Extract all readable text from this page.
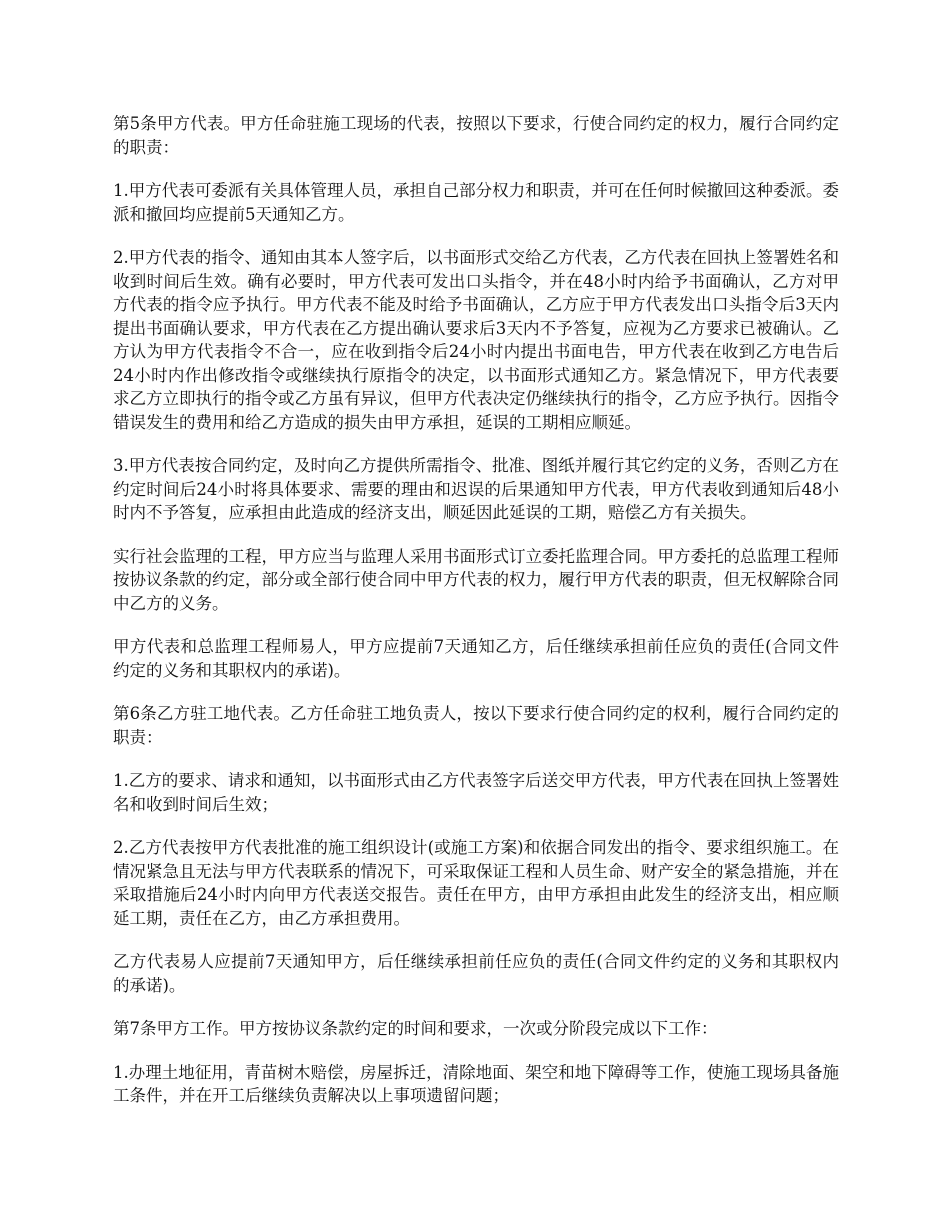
第5条甲方代表。甲方任命驻施工现场的代表，按照以下要求，行使合同约定的权力，履行合同约定的职责：

1.甲方代表可委派有关具体管理人员，承担自己部分权力和职责，并可在任何时候撤回这种委派。委派和撤回均应提前5天通知乙方。

2.甲方代表的指令、通知由其本人签字后，以书面形式交给乙方代表，乙方代表在回执上签署姓名和收到时间后生效。确有必要时，甲方代表可发出口头指令，并在48小时内给予书面确认，乙方对甲方代表的指令应予执行。甲方代表不能及时给予书面确认，乙方应于甲方代表发出口头指令后3天内提出书面确认要求，甲方代表在乙方提出确认要求后3天内不予答复，应视为乙方要求已被确认。乙方认为甲方代表指令不合一，应在收到指令后24小时内提出书面电告，甲方代表在收到乙方电告后24小时内作出修改指令或继续执行原指令的决定，以书面形式通知乙方。紧急情况下，甲方代表要求乙方立即执行的指令或乙方虽有异议，但甲方代表决定仍继续执行的指令，乙方应予执行。因指令错误发生的费用和给乙方造成的损失由甲方承担，延误的工期相应顺延。

3.甲方代表按合同约定，及时向乙方提供所需指令、批准、图纸并履行其它约定的义务，否则乙方在约定时间后24小时将具体要求、需要的理由和迟误的后果通知甲方代表，甲方代表收到通知后48小时内不予答复，应承担由此造成的经济支出，顺延因此延误的工期，赔偿乙方有关损失。

实行社会监理的工程，甲方应当与监理人采用书面形式订立委托监理合同。甲方委托的总监理工程师按协议条款的约定，部分或全部行使合同中甲方代表的权力，履行甲方代表的职责，但无权解除合同中乙方的义务。

甲方代表和总监理工程师易人，甲方应提前7天通知乙方，后任继续承担前任应负的责任(合同文件约定的义务和其职权内的承诺)。

第6条乙方驻工地代表。乙方任命驻工地负责人，按以下要求行使合同约定的权利，履行合同约定的职责：

1.乙方的要求、请求和通知，以书面形式由乙方代表签字后送交甲方代表，甲方代表在回执上签署姓名和收到时间后生效；

2.乙方代表按甲方代表批准的施工组织设计(或施工方案)和依据合同发出的指令、要求组织施工。在情况紧急且无法与甲方代表联系的情况下，可采取保证工程和人员生命、财产安全的紧急措施，并在采取措施后24小时内向甲方代表送交报告。责任在甲方，由甲方承担由此发生的经济支出，相应顺延工期，责任在乙方，由乙方承担费用。

乙方代表易人应提前7天通知甲方，后任继续承担前任应负的责任(合同文件约定的义务和其职权内的承诺)。

第7条甲方工作。甲方按协议条款约定的时间和要求，一次或分阶段完成以下工作：

1.办理土地征用，青苗树木赔偿，房屋拆迁，清除地面、架空和地下障碍等工作，使施工现场具备施工条件，并在开工后继续负责解决以上事项遗留问题；
